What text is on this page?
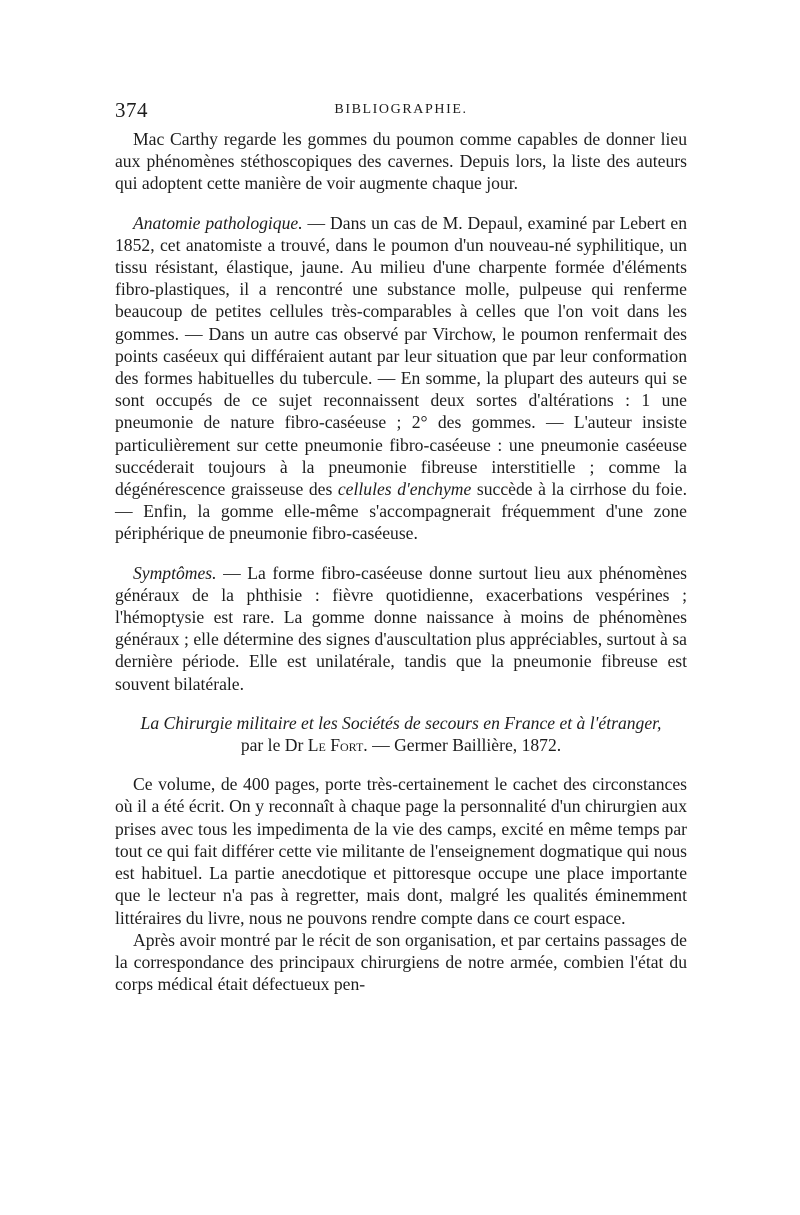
374	BIBLIOGRAPHIE.

Mac Carthy regarde les gommes du poumon comme capables de donner lieu aux phénomènes stéthoscopiques des cavernes. Depuis lors, la liste des auteurs qui adoptent cette manière de voir augmente chaque jour.

Anatomie pathologique. — Dans un cas de M. Depaul, examiné par Lebert en 1852, cet anatomiste a trouvé, dans le poumon d'un nouveau-né syphilitique, un tissu résistant, élastique, jaune. Au milieu d'une charpente formée d'éléments fibro-plastiques, il a rencontré une substance molle, pulpeuse qui renferme beaucoup de petites cellules très-comparables à celles que l'on voit dans les gommes. — Dans un autre cas observé par Virchow, le poumon renfermait des points caséeux qui différaient autant par leur situation que par leur conformation des formes habituelles du tubercule. — En somme, la plupart des auteurs qui se sont occupés de ce sujet reconnaissent deux sortes d'altérations : 1 une pneumonie de nature fibro-caséeuse ; 2° des gommes. — L'auteur insiste particulièrement sur cette pneumonie fibro-caséeuse : une pneumonie caséeuse succéderait toujours à la pneumonie fibreuse interstitielle ; comme la dégénérescence graisseuse des cellules d'enchyme succède à la cirrhose du foie. — Enfin, la gomme elle-même s'accompagnerait fréquemment d'une zone périphérique de pneumonie fibro-caséeuse.

Symptômes. — La forme fibro-caséeuse donne surtout lieu aux phénomènes généraux de la phthisie : fièvre quotidienne, exacerbations vespérines ; l'hémoptysie est rare. La gomme donne naissance à moins de phénomènes généraux ; elle détermine des signes d'auscultation plus appréciables, surtout à sa dernière période. Elle est unilatérale, tandis que la pneumonie fibreuse est souvent bilatérale.

La Chirurgie militaire et les Sociétés de secours en France et à l'étranger,
par le Dr Le Fort. — Germer Baillière, 1872.

Ce volume, de 400 pages, porte très-certainement le cachet des circonstances où il a été écrit. On y reconnaît à chaque page la personnalité d'un chirurgien aux prises avec tous les impedimenta de la vie des camps, excité en même temps par tout ce qui fait différer cette vie militante de l'enseignement dogmatique qui nous est habituel. La partie anecdotique et pittoresque occupe une place importante que le lecteur n'a pas à regretter, mais dont, malgré les qualités éminemment littéraires du livre, nous ne pouvons rendre compte dans ce court espace.

Après avoir montré par le récit de son organisation, et par certains passages de la correspondance des principaux chirurgiens de notre armée, combien l'état du corps médical était défectueux pen-
